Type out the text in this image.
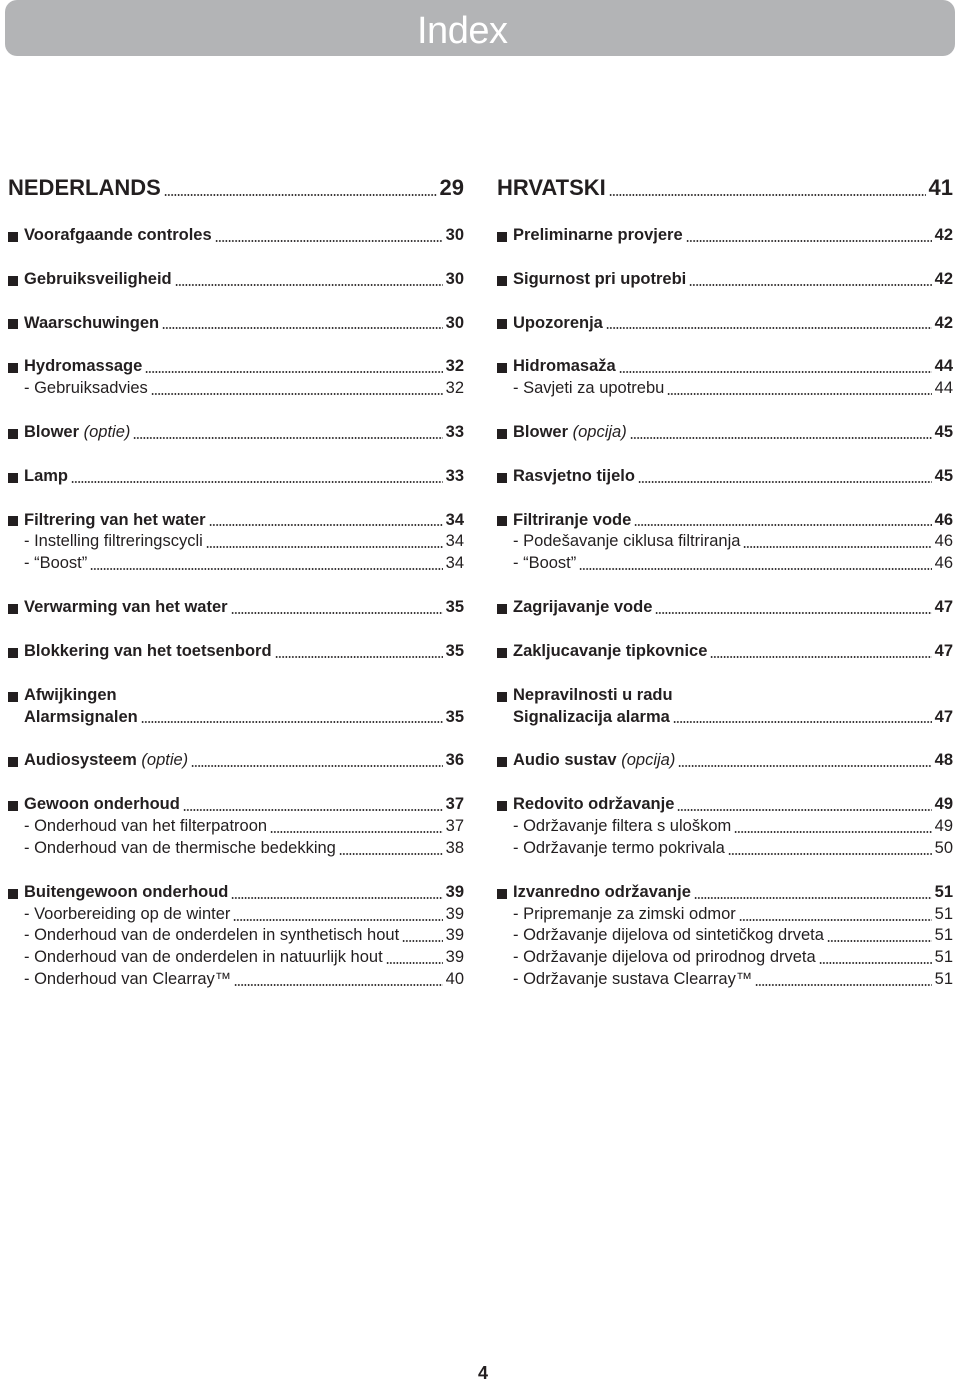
Index
NEDERLANDS	29
Voorafgaande controles	30
Gebruiksveiligheid	30
Waarschuwingen	30
Hydromassage	32
- Gebruiksadvies	32
Blower (optie)	33
Lamp	33
Filtrering van het water	34
- Instelling filtreringscycli	34
- “Boost”	34
Verwarming van het water	35
Blokkering van het toetsenbord	35
Afwijkingen
Alarmsignalen	35
Audiosysteem (optie)	36
Gewoon onderhoud	37
- Onderhoud van het filterpatroon	37
- Onderhoud van de thermische bedekking	38
Buitengewoon onderhoud	39
- Voorbereiding op de winter	39
- Onderhoud van de onderdelen in synthetisch hout	39
- Onderhoud van de onderdelen in natuurlijk hout	39
- Onderhoud van Clearray™	40
HRVATSKI	41
Preliminarne provjere	42
Sigurnost pri upotrebi	42
Upozorenja	42
Hidromasaža	44
- Savjeti za upotrebu	44
Blower (opcija)	45
Rasvjetno tijelo	45
Filtriranje vode	46
- Podešavanje ciklusa filtriranja	46
- “Boost”	46
Zagrijavanje vode	47
Zakljucavanje tipkovnice	47
Nepravilnosti u radu
Signalizacija alarma	47
Audio sustav (opcija)	48
Redovito održavanje	49
- Održavanje filtera s uloškom	49
- Održavanje termo pokrivala	50
Izvanredno održavanje	51
- Pripremanje za zimski odmor	51
- Održavanje dijelova od sintetičkog drveta	51
- Održavanje dijelova od prirodnog drveta	51
- Održavanje sustava Clearray™	51
4
